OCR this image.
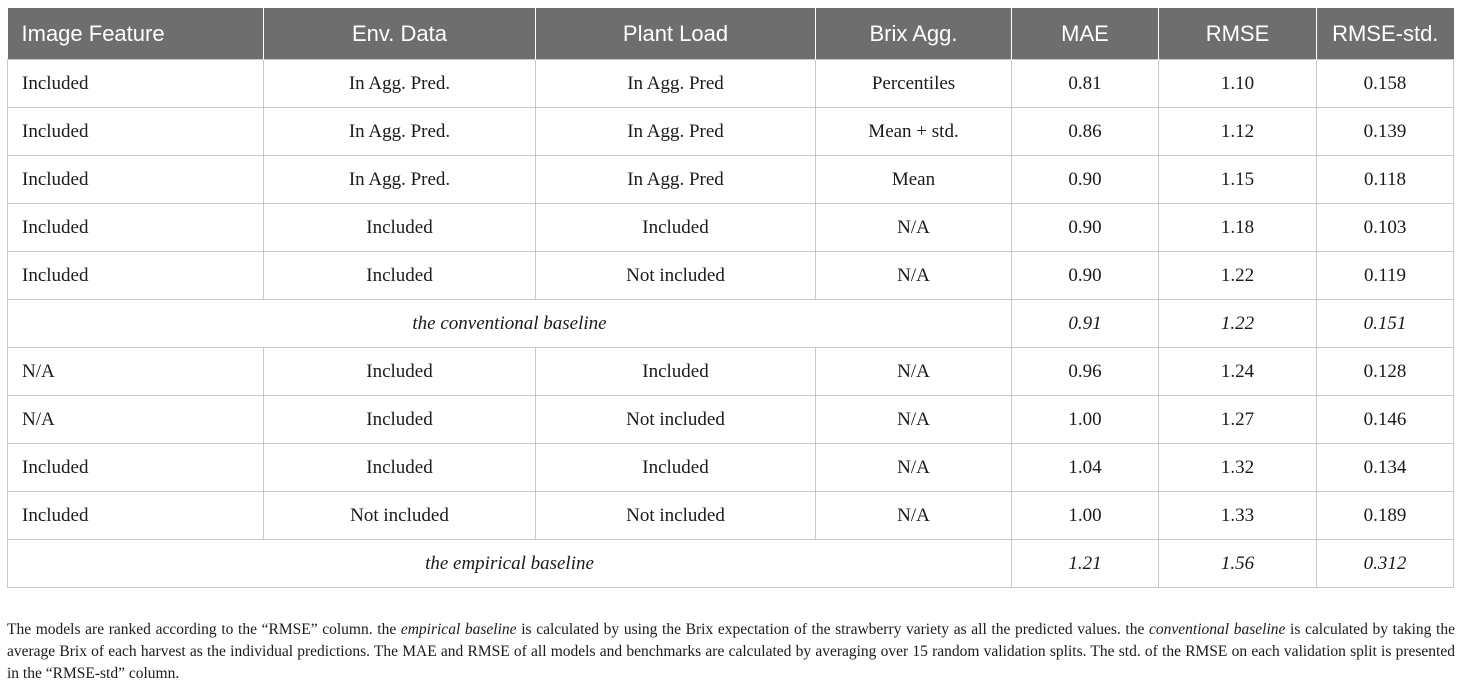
Image Feature	Env. Data	Plant Load	Brix Agg.	MAE	RMSE	RMSE-std.
Included	In Agg. Pred.	In Agg. Pred	Percentiles	0.81	1.10	0.158
Included	In Agg. Pred.	In Agg. Pred	Mean + std.	0.86	1.12	0.139
Included	In Agg. Pred.	In Agg. Pred	Mean	0.90	1.15	0.118
Included	Included	Included	N/A	0.90	1.18	0.103
Included	Included	Not included	N/A	0.90	1.22	0.119
the conventional baseline				0.91	1.22	0.151
N/A	Included	Included	N/A	0.96	1.24	0.128
N/A	Included	Not included	N/A	1.00	1.27	0.146
Included	Included	Included	N/A	1.04	1.32	0.134
Included	Not included	Not included	N/A	1.00	1.33	0.189
the empirical baseline				1.21	1.56	0.312

The models are ranked according to the “RMSE” column. the empirical baseline is calculated by using the Brix expectation of the strawberry variety as all the predicted values. the conventional baseline is calculated by taking the average Brix of each harvest as the individual predictions. The MAE and RMSE of all models and benchmarks are calculated by averaging over 15 random validation splits. The std. of the RMSE on each validation split is presented in the “RMSE-std” column.
